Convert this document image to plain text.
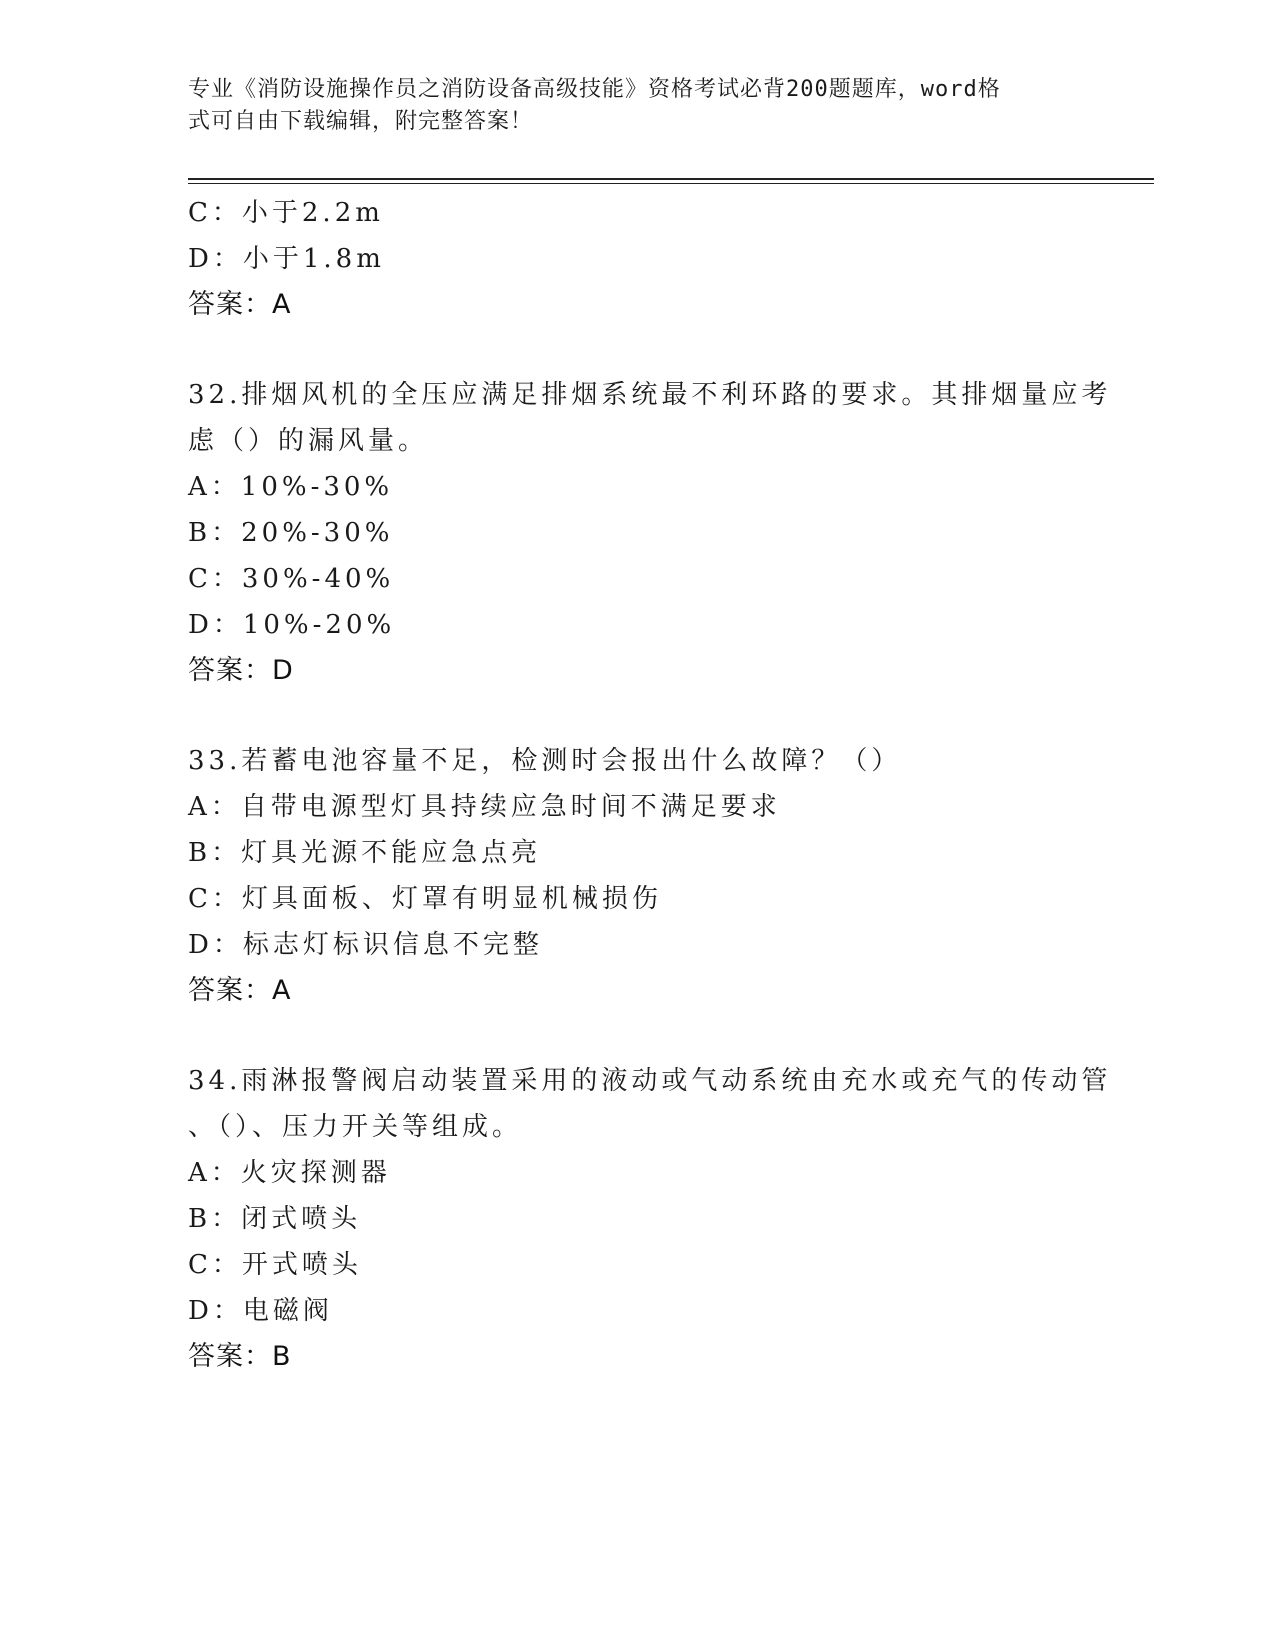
专业《消防设施操作员之消防设备高级技能》资格考试必背200题题库，word格
式可自由下载编辑，附完整答案！
C：小于2.2m
D：小于1.8m
答案：A
32.排烟风机的全压应满足排烟系统最不利环路的要求。其排烟量应考
虑（）的漏风量。
A：10%-30%
B：20%-30%
C：30%-40%
D：10%-20%
答案：D
33.若蓄电池容量不足，检测时会报出什么故障？（）
A：自带电源型灯具持续应急时间不满足要求
B：灯具光源不能应急点亮
C：灯具面板、灯罩有明显机械损伤
D：标志灯标识信息不完整
答案：A
34.雨淋报警阀启动装置采用的液动或气动系统由充水或充气的传动管
、（）、压力开关等组成。
A：火灾探测器
B：闭式喷头
C：开式喷头
D：电磁阀
答案：B
